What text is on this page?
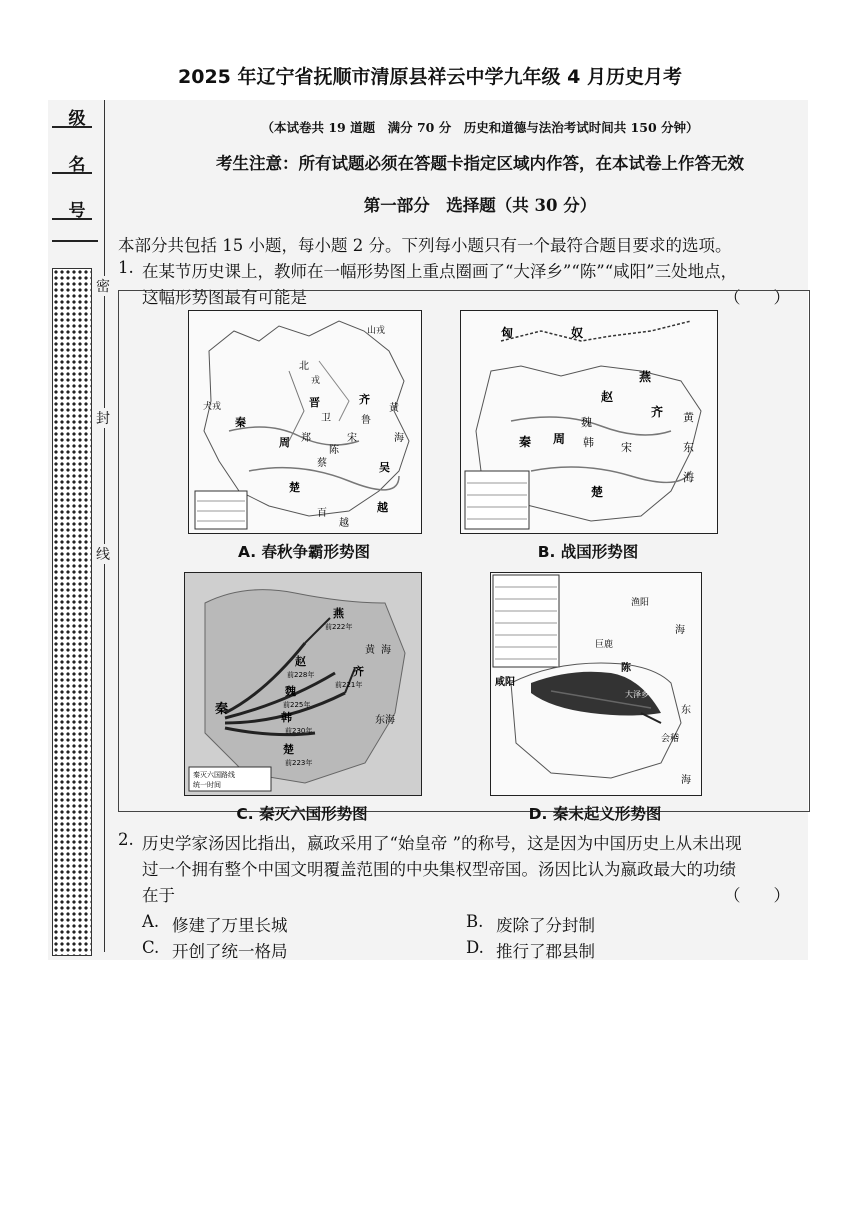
2025 年辽宁省抚顺市清原县祥云中学九年级 4 月历史月考
级
名
号
密
封
线
（本试卷共 19 道题　满分 70 分　历史和道德与法治考试时间共 150 分钟）
考生注意：所有试题必须在答题卡指定区域内作答，在本试卷上作答无效
第一部分　选择题（共 30 分）
本部分共包括 15 小题，每小题 2 分。下列每小题只有一个最符合题目要求的选项。
1. 在某节历史课上，教师在一幅形势图上重点圈画了“大泽乡”“陈”“咸阳”三处地点，
这幅形势图最有可能是	（　　）
山戎
北
戎
秦
齐
晋
卫	鲁
宋
周 郑
陈
蔡
楚
吴
越
犬戎	黄
海
百
越
A. 春秋争霸形势图
匈	奴
燕
赵
齐
秦
魏
韩
周
楚
宋	东
海
黄
B. 战国形势图
燕
前222年
赵
前228年	齐
前221年
魏
前225年
秦
韩
前230年
楚
前223年
黄 海
东海
秦灭六国路线
统一时间
C. 秦灭六国形势图
咸阳
陈
大泽乡
巨鹿
会稽
渔阳
海
东
海
D. 秦末起义形势图
2. 历史学家汤因比指出，嬴政采用了“始皇帝 ”的称号，这是因为中国历史上从未出现
过一个拥有整个中国文明覆盖范围的中央集权型帝国。汤因比认为嬴政最大的功绩
在于	（　　）
A. 修建了万里长城	B. 废除了分封制
C. 开创了统一格局	D. 推行了郡县制
